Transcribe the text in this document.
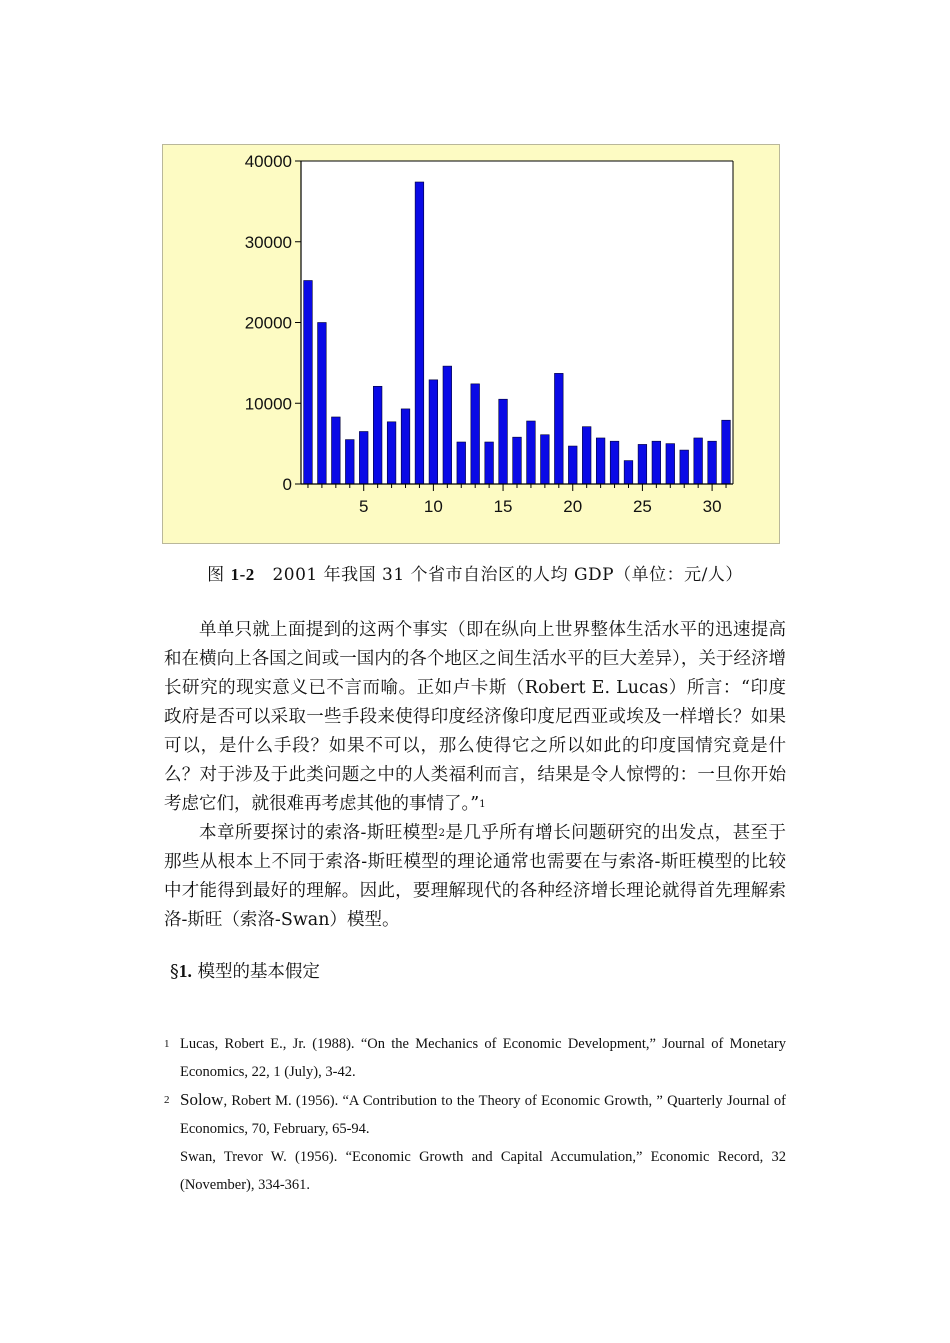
0
10000
20000
30000
40000
5	10	15	20	25	30
图 1-2 2001 年我国 31 个省市自治区的人均 GDP（单位：元/人）

单单只就上面提到的这两个事实（即在纵向上世界整体生活水平的迅速提高和在横向上各国之间或一国内的各个地区之间生活水平的巨大差异），关于经济增长研究的现实意义已不言而喻。正如卢卡斯（Robert E. Lucas）所言：“印度政府是否可以采取一些手段来使得印度经济像印度尼西亚或埃及一样增长？如果可以，是什么手段？如果不可以，那么使得它之所以如此的印度国情究竟是什么？对于涉及于此类问题之中的人类福利而言，结果是令人惊愕的：一旦你开始考虑它们，就很难再考虑其他的事情了。”$^1$

本章所要探讨的索洛-斯旺模型$^2$是几乎所有增长问题研究的出发点，甚至于那些从根本上不同于索洛-斯旺模型的理论通常也需要在与索洛-斯旺模型的比较中才能得到最好的理解。因此，要理解现代的各种经济增长理论就得首先理解索洛-斯旺（索洛-Swan）模型。

§1. 模型的基本假定
1 Lucas, Robert E., Jr. (1988). “On the Mechanics of Economic Development,” Journal of Monetary Economics, 22, 1 (July), 3-42.
2 Solow, Robert M. (1956). “A Contribution to the Theory of Economic Growth, ” Quarterly Journal of Economics, 70, February, 65-94.
Swan, Trevor W. (1956). “Economic Growth and Capital Accumulation,” Economic Record, 32 (November), 334-361.
